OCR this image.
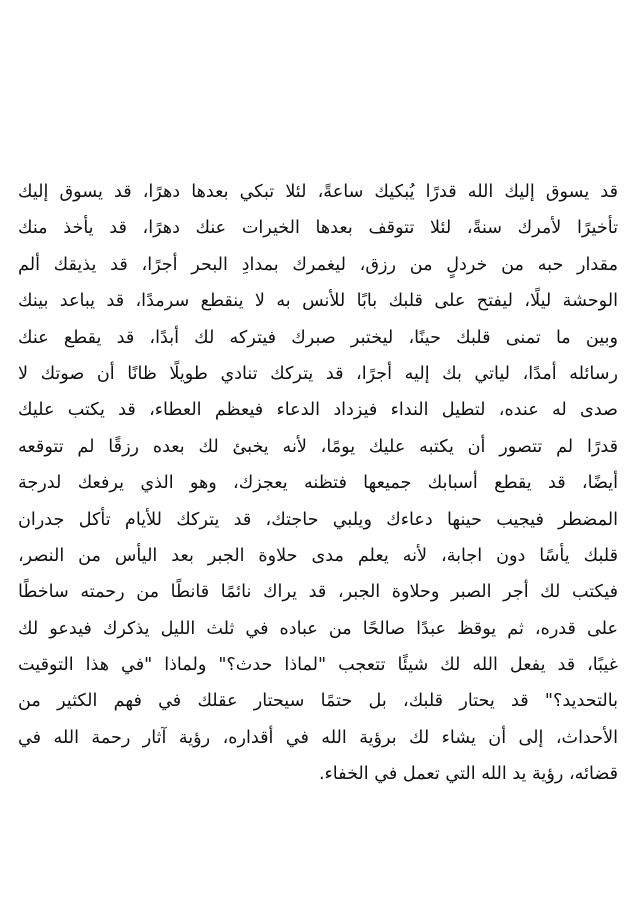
قد يسوق إليك الله قدرًا يُبكيك ساعةً، لئلا تبكي بعدها دهرًا، قد يسوق إليك
تأخيرًا لأمرك سنةً، لئلا تتوقف بعدها الخيرات عنك دهرًا، قد يأخذ منك
مقدار حبه من خردلٍ من رزق، ليغمرك بمدادِ البحر أجرًا، قد يذيقك ألم
الوحشة ليلًا، ليفتح على قلبك بابًا للأنس به لا ينقطع سرمدًا، قد يباعد بينك
وبين ما تمنى قلبك حينًا، ليختبر صبرك فيتركه لك أبدًا، قد يقطع عنك
رسائله أمدًا، لياتي بك إليه أجرًا، قد يتركك تنادي طويلًا ظانًا أن صوتك لا
صدى له عنده، لتطيل النداء فيزداد الدعاء فيعظم العطاء، قد يكتب عليك
قدرًا لم تتصور أن يكتبه عليك يومًا، لأنه يخبئ لك بعده رزقًا لم تتوقعه
أيضًا، قد يقطع أسبابك جميعها فتظنه يعجزك، وهو الذي يرفعك لدرجة
المضطر فيجيب حينها دعاءك ويلبي حاجتك، قد يتركك للأيام تأكل جدران
قلبك يأسًا دون اجابة، لأنه يعلم مدى حلاوة الجبر بعد اليأس من النصر،
فيكتب لك أجر الصبر وحلاوة الجبر، قد يراك نائمًا قانطًا من رحمته ساخطًا
على قدره، ثم يوقظ عبدًا صالحًا من عباده في ثلث الليل يذكرك فيدعو لك
غيبًا، قد يفعل الله لك شيئًا تتعجب "لماذا حدث؟" ولماذا "في هذا التوقيت
بالتحديد؟" قد يحتار قلبك، بل حتمًا سيحتار عقلك في فهم الكثير من
الأحداث، إلى أن يشاء لك برؤية الله في أقداره، رؤية آثار رحمة الله في
قضائه، رؤية يد الله التي تعمل في الخفاء.
